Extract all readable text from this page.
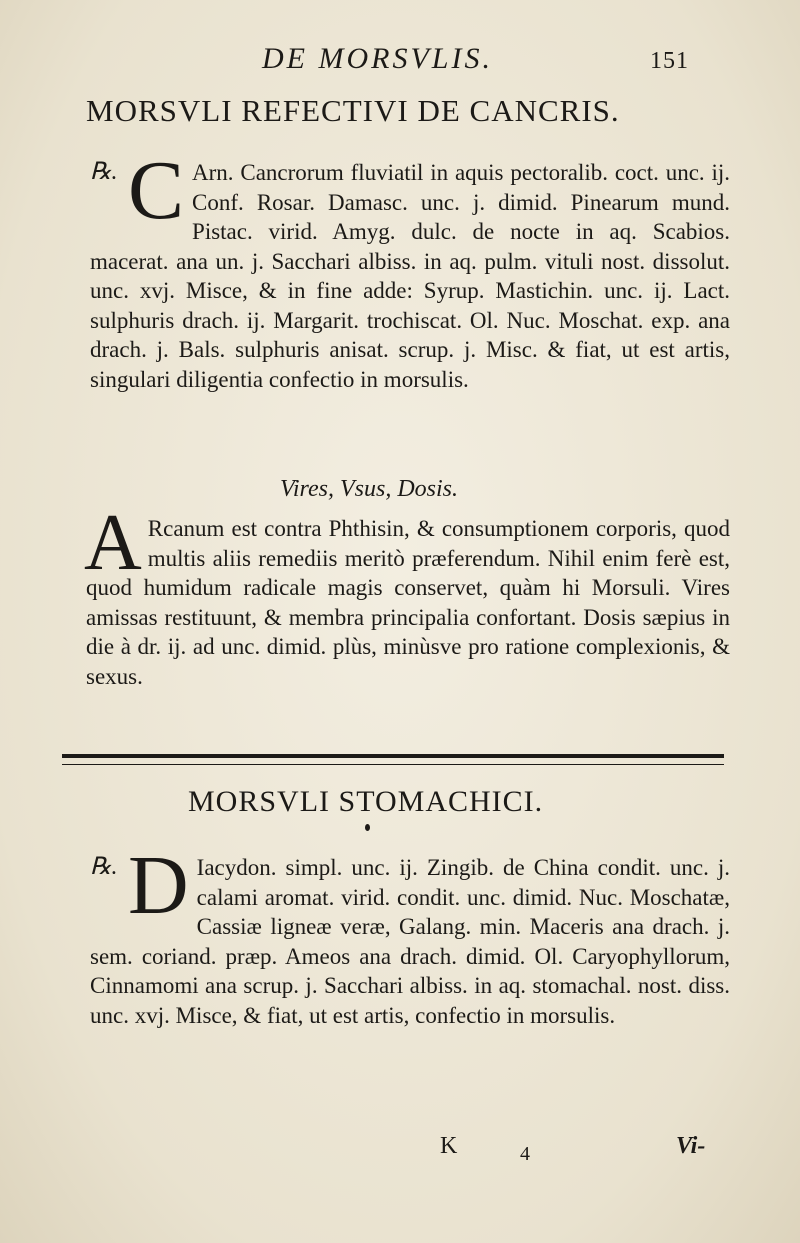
DE MORSVLIS.	151
MORSVLI REFECTIVI DE CANCRIS.
℞. C Arn. Cancrorum fluviatil in aquis pectoralib. coct. unc. ij. Conf. Rosar. Damasc. unc. j. dimid. Pinearum mund. Pistac. virid. Amyg. dulc. de nocte in aq. Scabios. macerat. ana un. j. Sacchari albiss. in aq. pulm. vituli nost. dissolut. unc. xvj. Misce, & in fine adde: Syrup. Mastichin. unc. ij. Lact. sulphuris drach. ij. Margarit. trochiscat. Ol. Nuc. Moschat. exp. ana drach. j. Bals. sulphuris anisat. scrup. j. Misc. & fiat, ut est artis, singulari diligentia confectio in morsulis.
Vires, Vsus, Dosis.
A Rcanum est contra Phthisin, & consumptionem corporis, quod multis aliis remediis meritò præferendum. Nihil enim ferè est, quod humidum radicale magis conservet, quàm hi Morsuli. Vires amissas restituunt, & membra principalia confortant. Dosis sæpius in die à dr. ij. ad unc. dimid. plùs, minùsve pro ratione complexionis, & sexus.
MORSVLI STOMACHICI.
℞. D Iacydon. simpl. unc. ij. Zingib. de China condit. unc. j. calami aromat. virid. condit. unc. dimid. Nuc. Moschatæ, Cassiæ ligneæ veræ, Galang. min. Maceris ana drach. j. sem. coriand. præp. Ameos ana drach. dimid. Ol. Caryophyllorum, Cinnamomi ana scrup. j. Sacchari albiss. in aq. stomachal. nost. diss. unc. xvj. Misce, & fiat, ut est artis, confectio in morsulis.
K	4	Vi-
